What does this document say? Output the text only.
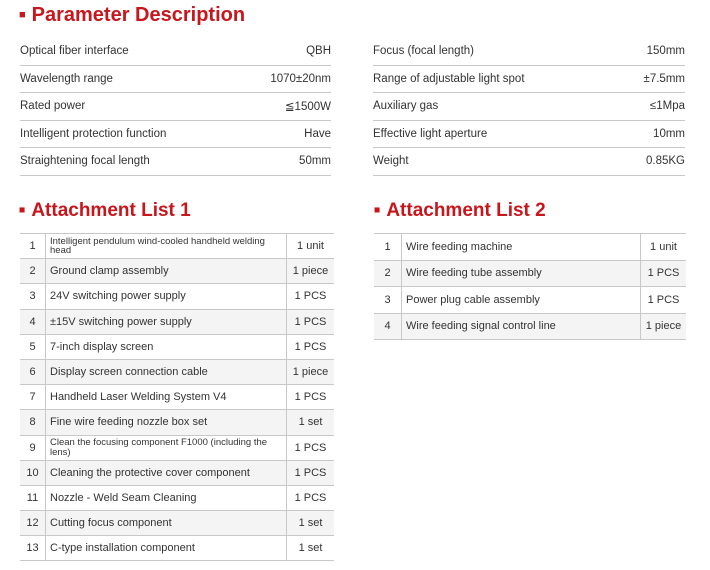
■ Parameter Description
Optical fiber interface	QBH
Wavelength range	1070±20nm
Rated power	≦1500W
Intelligent protection function	Have
Straightening focal length	50mm
Focus (focal length)	150mm
Range of adjustable light spot	±7.5mm
Auxiliary gas	≤1Mpa
Effective light aperture	10mm
Weight	0.85KG
■ Attachment List 1
1	Intelligent pendulum wind-cooled handheld welding head	1 unit
2	Ground clamp assembly	1 piece
3	24V switching power supply	1 PCS
4	±15V switching power supply	1 PCS
5	7-inch display screen	1 PCS
6	Display screen connection cable	1 piece
7	Handheld Laser Welding System V4	1 PCS
8	Fine wire feeding nozzle box set	1 set
9	Clean the focusing component F1000 (including the lens)	1 PCS
10	Cleaning the protective cover component	1 PCS
11	Nozzle - Weld Seam Cleaning	1 PCS
12	Cutting focus component	1 set
13	C-type installation component	1 set
■ Attachment List 2
1	Wire feeding machine	1 unit
2	Wire feeding tube assembly	1 PCS
3	Power plug cable assembly	1 PCS
4	Wire feeding signal control line	1 piece
